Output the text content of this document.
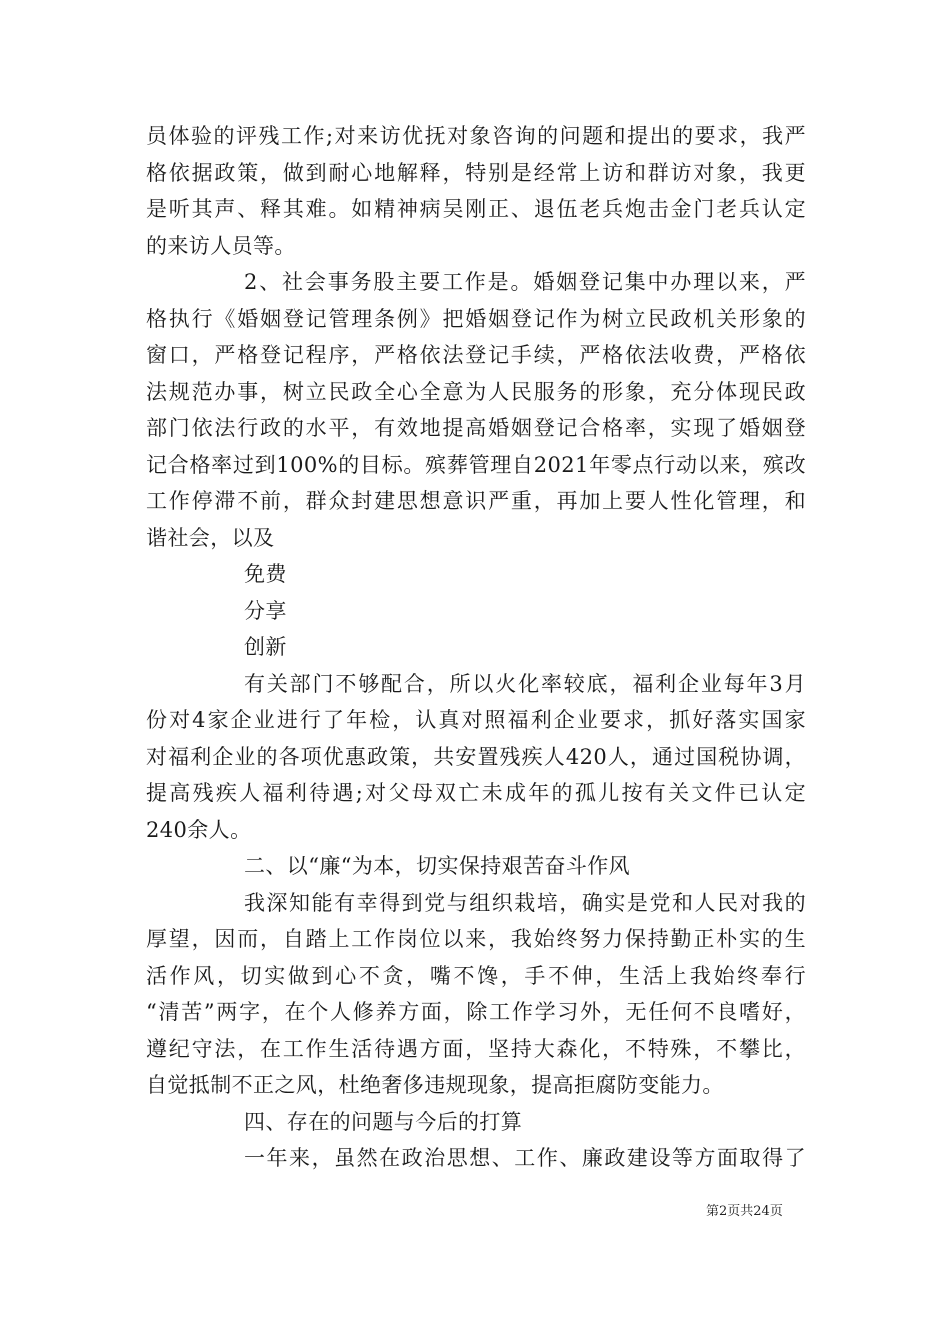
员体验的评残工作;对来访优抚对象咨询的问题和提出的要求，我严
格依据政策，做到耐心地解释，特别是经常上访和群访对象，我更
是听其声、释其难。如精神病吴刚正、退伍老兵炮击金门老兵认定
的来访人员等。
2、社会事务股主要工作是。婚姻登记集中办理以来，严
格执行《婚姻登记管理条例》把婚姻登记作为树立民政机关形象的
窗口，严格登记程序，严格依法登记手续，严格依法收费，严格依
法规范办事，树立民政全心全意为人民服务的形象，充分体现民政
部门依法行政的水平，有效地提高婚姻登记合格率，实现了婚姻登
记合格率过到100%的目标。殡葬管理自2021年零点行动以来，殡改
工作停滞不前，群众封建思想意识严重，再加上要人性化管理，和
谐社会，以及
免费
分享
创新
有关部门不够配合，所以火化率较底，福利企业每年3月
份对4家企业进行了年检，认真对照福利企业要求，抓好落实国家
对福利企业的各项优惠政策，共安置残疾人420人，通过国税协调，
提高残疾人福利待遇;对父母双亡未成年的孤儿按有关文件已认定
240余人。
二、以“廉“为本，切实保持艰苦奋斗作风
我深知能有幸得到党与组织栽培，确实是党和人民对我的
厚望，因而，自踏上工作岗位以来，我始终努力保持勤正朴实的生
活作风，切实做到心不贪，嘴不馋，手不伸，生活上我始终奉行
“清苦”两字，在个人修养方面，除工作学习外，无任何不良嗜好，
遵纪守法，在工作生活待遇方面，坚持大森化，不特殊，不攀比，
自觉抵制不正之风，杜绝奢侈违规现象，提高拒腐防变能力。
四、存在的问题与今后的打算
一年来，虽然在政治思想、工作、廉政建设等方面取得了
第2页共24页
